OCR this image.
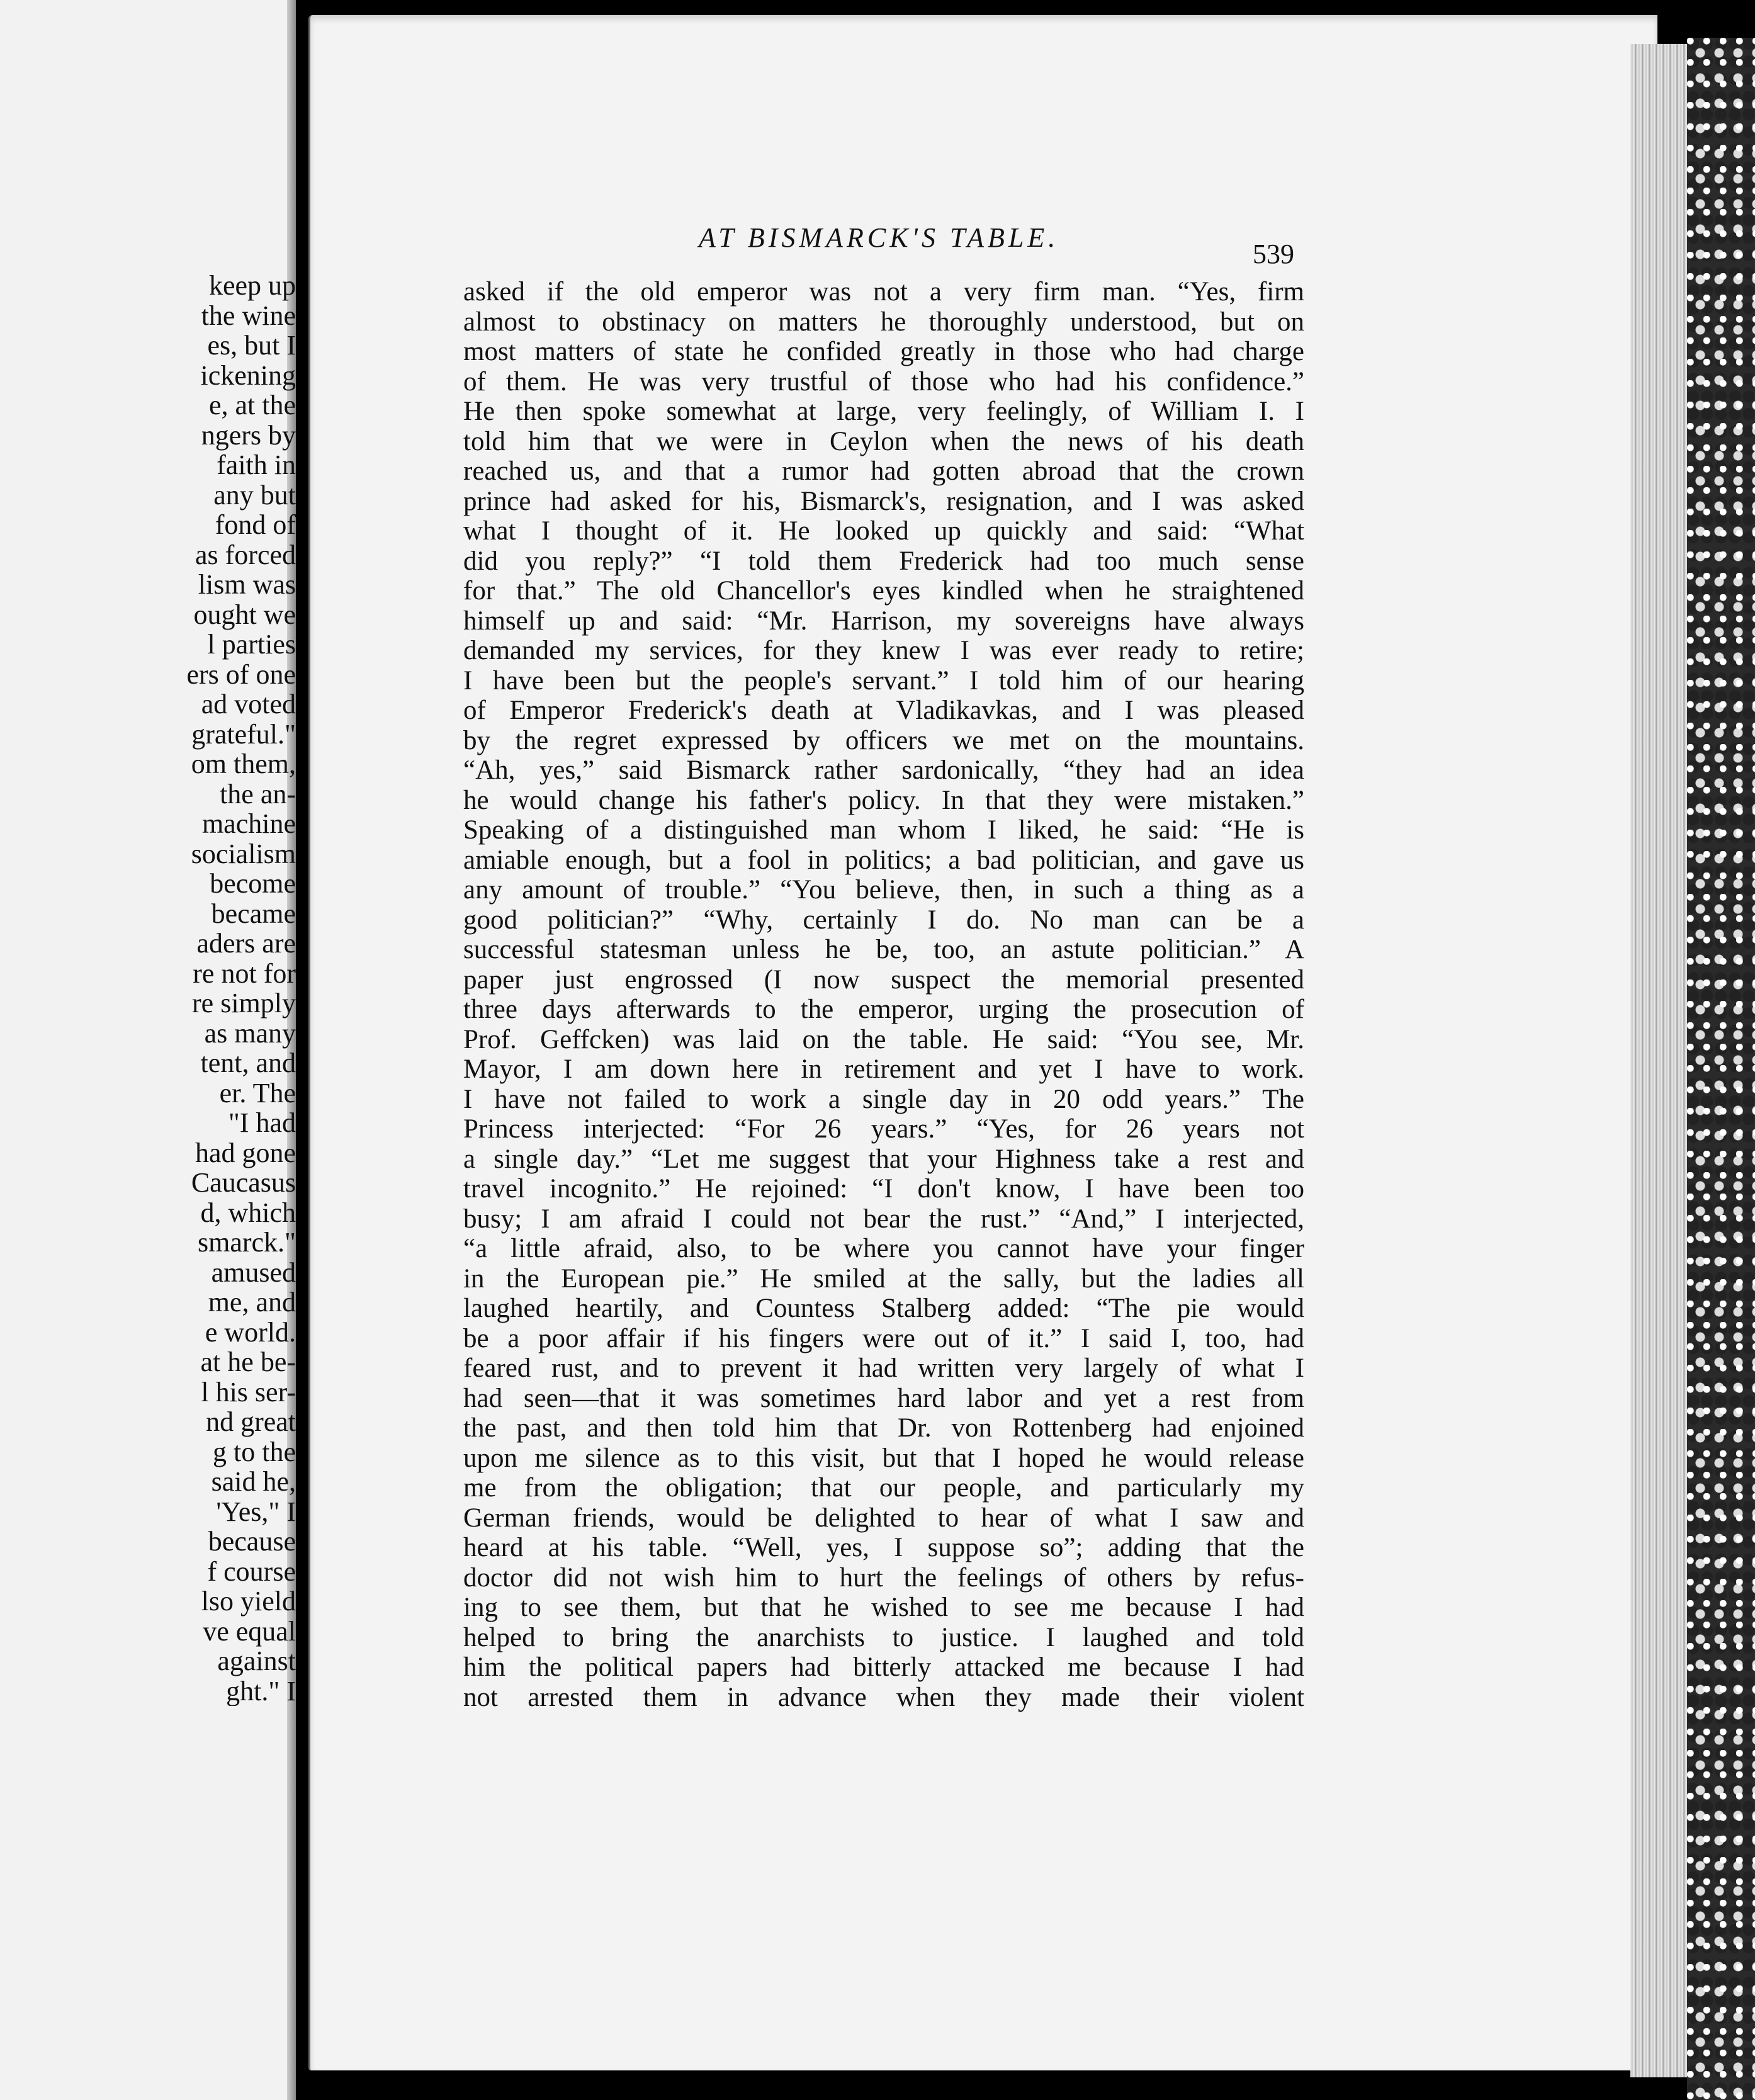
keep up
the wine
es, but I
ickening
e, at the
ngers by
faith in
any but
fond of
as forced
lism was
ought we
l parties
ers of one
ad voted
grateful."
om them,
the an-
machine
socialism
become
became
aders are
re not for
re simply
as many
tent, and
er. The
"I had
had gone
Caucasus
d, which
smarck."
amused
me, and
e world.
at he be-
l his ser-
nd great
g to the
said he,
'Yes," I
because
f course
lso yield
ve equal
against
ght." I
AT BISMARCK'S TABLE.
539
asked if the old emperor was not a very firm man. “Yes, firm
almost to obstinacy on matters he thoroughly understood, but on
most matters of state he confided greatly in those who had charge
of them. He was very trustful of those who had his confidence.”
He then spoke somewhat at large, very feelingly, of William I. I
told him that we were in Ceylon when the news of his death
reached us, and that a rumor had gotten abroad that the crown
prince had asked for his, Bismarck's, resignation, and I was asked
what I thought of it. He looked up quickly and said: “What
did you reply?” “I told them Frederick had too much sense
for that.” The old Chancellor's eyes kindled when he straightened
himself up and said: “Mr. Harrison, my sovereigns have always
demanded my services, for they knew I was ever ready to retire;
I have been but the people's servant.” I told him of our hearing
of Emperor Frederick's death at Vladikavkas, and I was pleased
by the regret expressed by officers we met on the mountains.
“Ah, yes,” said Bismarck rather sardonically, “they had an idea
he would change his father's policy. In that they were mistaken.”
Speaking of a distinguished man whom I liked, he said: “He is
amiable enough, but a fool in politics; a bad politician, and gave us
any amount of trouble.” “You believe, then, in such a thing as a
good politician?” “Why, certainly I do. No man can be a
successful statesman unless he be, too, an astute politician.” A
paper just engrossed (I now suspect the memorial presented
three days afterwards to the emperor, urging the prosecution of
Prof. Geffcken) was laid on the table. He said: “You see, Mr.
Mayor, I am down here in retirement and yet I have to work.
I have not failed to work a single day in 20 odd years.” The
Princess interjected: “For 26 years.” “Yes, for 26 years not
a single day.” “Let me suggest that your Highness take a rest and
travel incognito.” He rejoined: “I don't know, I have been too
busy; I am afraid I could not bear the rust.” “And,” I interjected,
“a little afraid, also, to be where you cannot have your finger
in the European pie.” He smiled at the sally, but the ladies all
laughed heartily, and Countess Stalberg added: “The pie would
be a poor affair if his fingers were out of it.” I said I, too, had
feared rust, and to prevent it had written very largely of what I
had seen—that it was sometimes hard labor and yet a rest from
the past, and then told him that Dr. von Rottenberg had enjoined
upon me silence as to this visit, but that I hoped he would release
me from the obligation; that our people, and particularly my
German friends, would be delighted to hear of what I saw and
heard at his table. “Well, yes, I suppose so”; adding that the
doctor did not wish him to hurt the feelings of others by refus-
ing to see them, but that he wished to see me because I had
helped to bring the anarchists to justice. I laughed and told
him the political papers had bitterly attacked me because I had
not arrested them in advance when they made their violent
